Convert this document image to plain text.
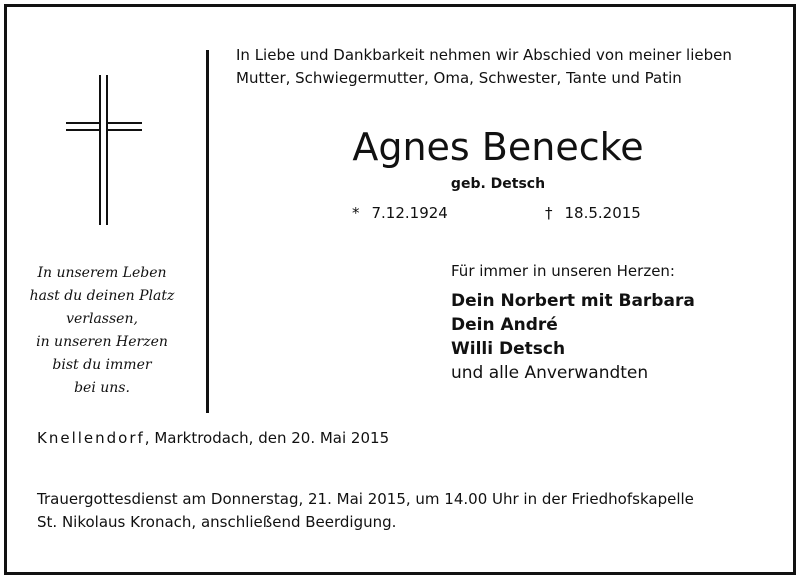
In unserem Leben
hast du deinen Platz
verlassen,
in unseren Herzen
bist du immer
bei uns.
In Liebe und Dankbarkeit nehmen wir Abschied von meiner lieben
Mutter, Schwiegermutter, Oma, Schwester, Tante und Patin
Agnes Benecke
geb. Detsch
* 7.12.1924	† 18.5.2015
Für immer in unseren Herzen:
Dein Norbert mit Barbara
Dein André
Willi Detsch
und alle Anverwandten
Knellendorf, Marktrodach, den 20. Mai 2015
Trauergottesdienst am Donnerstag, 21. Mai 2015, um 14.00 Uhr in der Friedhofskapelle
St. Nikolaus Kronach, anschließend Beerdigung.
